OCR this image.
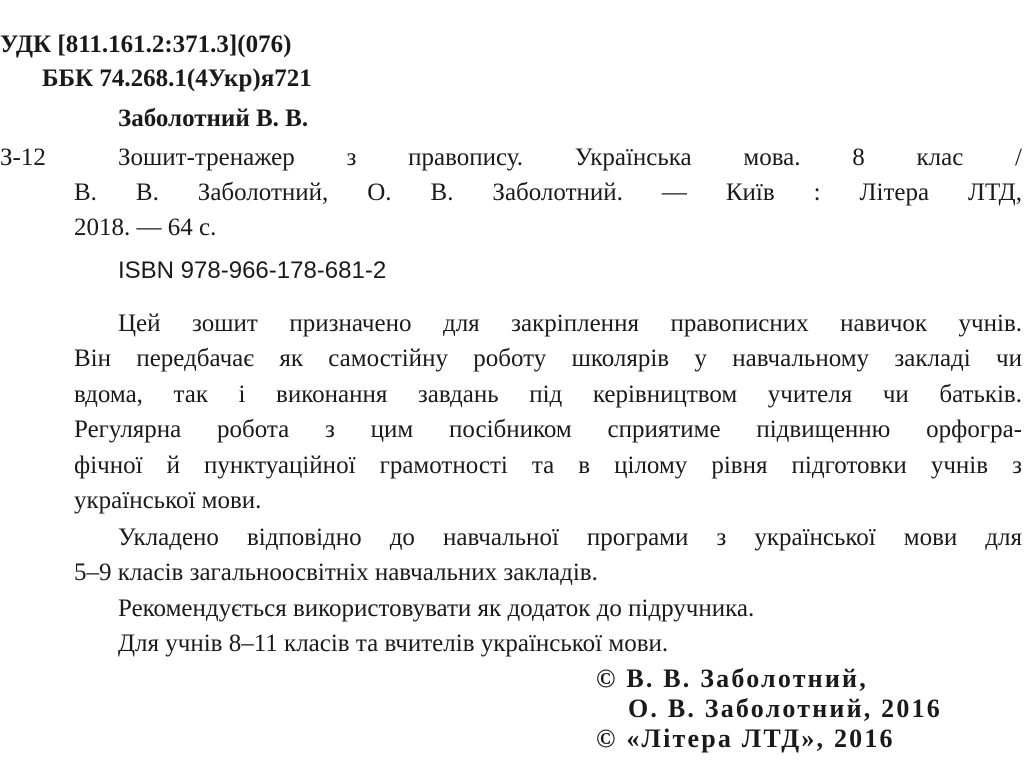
УДК [811.161.2:371.3](076)
ББК 74.268.1(4Укр)я721
Заболотний В. В.
З-12	Зошит-тренажер з правопису. Українська мова. 8 клас /
В. В. Заболотний, О. В. Заболотний. — Київ : Літера ЛТД,
2018. — 64 с.
ISBN 978-966-178-681-2
Цей зошит призначено для закріплення правописних навичок учнів.
Він передбачає як самостійну роботу школярів у навчальному закладі чи
вдома, так і виконання завдань під керівництвом учителя чи батьків.
Регулярна робота з цим посібником сприятиме підвищенню орфогра-
фічної й пунктуаційної грамотності та в цілому рівня підготовки учнів з
української мови.
Укладено відповідно до навчальної програми з української мови для
5–9 класів загальноосвітніх навчальних закладів.
Рекомендується використовувати як додаток до підручника.
Для учнів 8–11 класів та вчителів української мови.
© В. В. Заболотний,
О. В. Заболотний, 2016
© «Літера ЛТД», 2016
